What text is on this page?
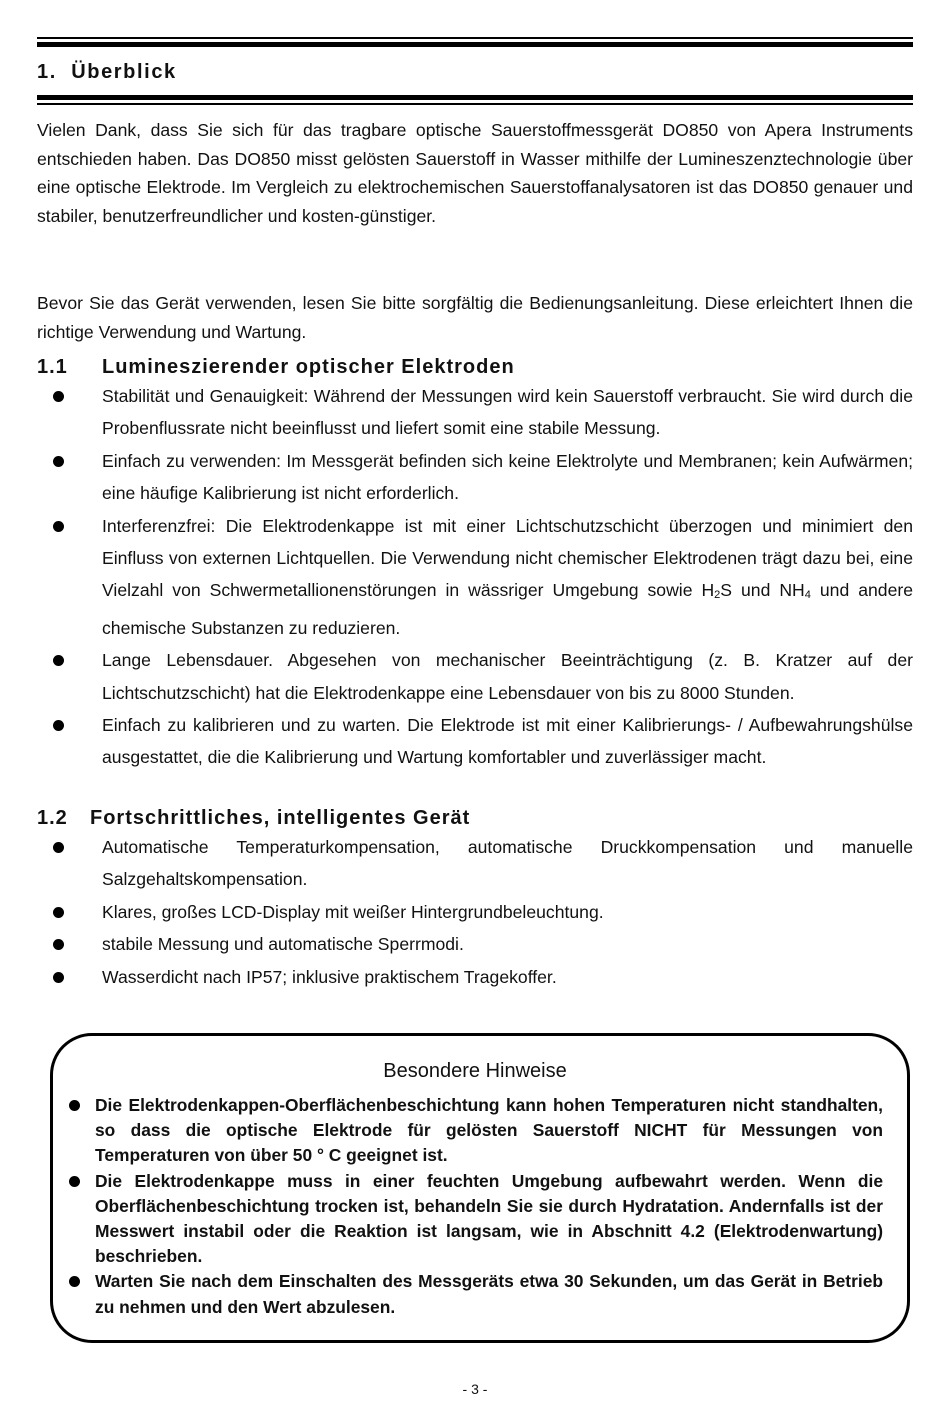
1. Überblick

Vielen Dank, dass Sie sich für das tragbare optische Sauerstoffmessgerät DO850 von Apera Instruments entschieden haben. Das DO850 misst gelösten Sauerstoff in Wasser mithilfe der Lumineszenztechnologie über eine optische Elektrode. Im Vergleich zu elektrochemischen Sauerstoffanalysatoren ist das DO850 genauer und stabiler, benutzerfreundlicher und kosten-günstiger.

Bevor Sie das Gerät verwenden, lesen Sie bitte sorgfältig die Bedienungsanleitung. Diese erleichtert Ihnen die richtige Verwendung und Wartung.

1.1 Lumineszierender optischer Elektroden
Stabilität und Genauigkeit: Während der Messungen wird kein Sauerstoff verbraucht. Sie wird durch die Probenflussrate nicht beeinflusst und liefert somit eine stabile Messung.
Einfach zu verwenden: Im Messgerät befinden sich keine Elektrolyte und Membranen; kein Aufwärmen; eine häufige Kalibrierung ist nicht erforderlich.
Interferenzfrei: Die Elektrodenkappe ist mit einer Lichtschutzschicht überzogen und minimiert den Einfluss von externen Lichtquellen. Die Verwendung nicht chemischer Elektrodenen trägt dazu bei, eine Vielzahl von Schwermetallionenstörungen in wässriger Umgebung sowie $H_2S$ und $NH_4$ und andere chemische Substanzen zu reduzieren.
Lange Lebensdauer. Abgesehen von mechanischer Beeinträchtigung (z. B. Kratzer auf der Lichtschutzschicht) hat die Elektrodenkappe eine Lebensdauer von bis zu 8000 Stunden.
Einfach zu kalibrieren und zu warten. Die Elektrode ist mit einer Kalibrierungs- / Aufbewahrungshülse ausgestattet, die die Kalibrierung und Wartung komfortabler und zuverlässiger macht.
1.2 Fortschrittliches, intelligentes Gerät
Automatische Temperaturkompensation, automatische Druckkompensation und manuelle Salzgehaltskompensation.
Klares, großes LCD-Display mit weißer Hintergrundbeleuchtung.
stabile Messung und automatische Sperrmodi.
Wasserdicht nach IP57; inklusive praktischem Tragekoffer.
Besondere Hinweise
Die Elektrodenkappen-Oberflächenbeschichtung kann hohen Temperaturen nicht standhalten, so dass die optische Elektrode für gelösten Sauerstoff NICHT für Messungen von Temperaturen von über 50 ° C geeignet ist.
Die Elektrodenkappe muss in einer feuchten Umgebung aufbewahrt werden. Wenn die Oberflächenbeschichtung trocken ist, behandeln Sie sie durch Hydratation. Andernfalls ist der Messwert instabil oder die Reaktion ist langsam, wie in Abschnitt 4.2 (Elektrodenwartung) beschrieben.
Warten Sie nach dem Einschalten des Messgeräts etwa 30 Sekunden, um das Gerät in Betrieb zu nehmen und den Wert abzulesen.
- 3 -
